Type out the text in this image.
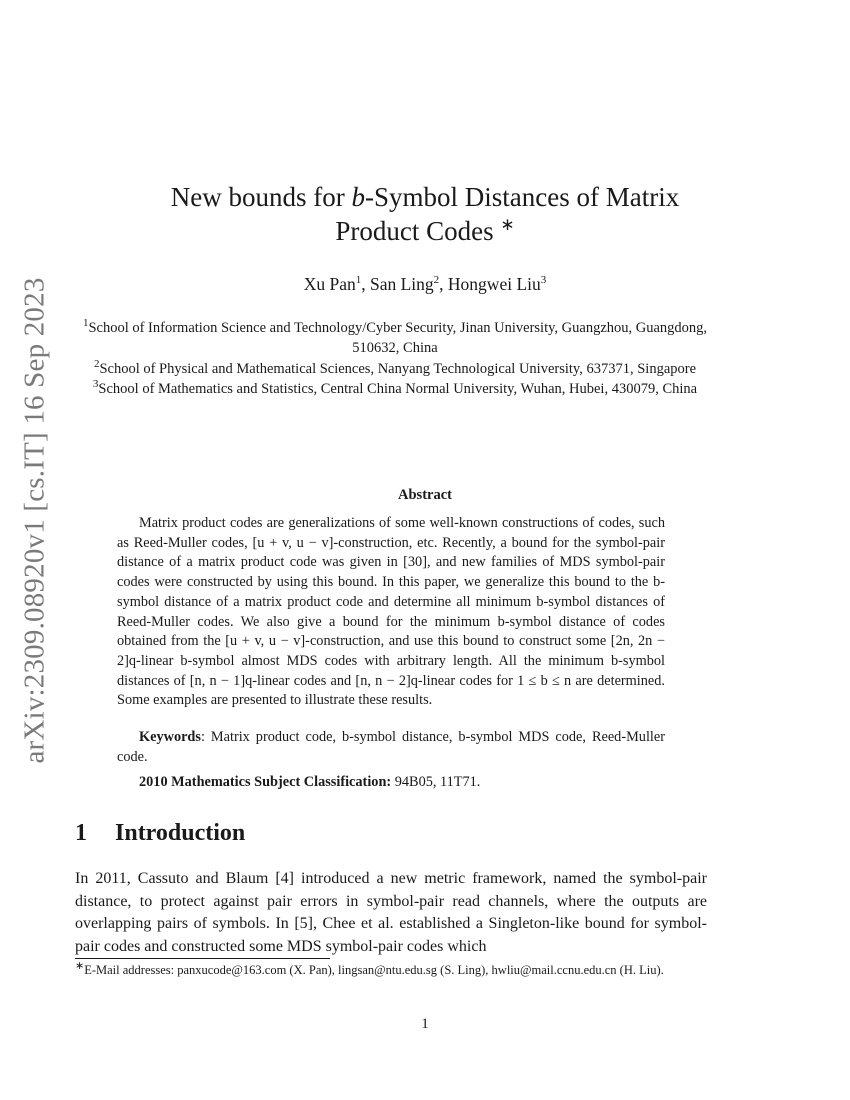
arXiv:2309.08920v1 [cs.IT] 16 Sep 2023
New bounds for b-Symbol Distances of Matrix
Product Codes ∗
Xu Pan$^1$, San Ling$^2$, Hongwei Liu$^3$

$^1$School of Information Science and Technology/Cyber Security, Jinan University, Guangzhou, Guangdong, 510632, China

$^2$School of Physical and Mathematical Sciences, Nanyang Technological University, 637371, Singapore

$^3$School of Mathematics and Statistics, Central China Normal University, Wuhan, Hubei, 430079, China

Abstract

Matrix product codes are generalizations of some well-known constructions of codes, such as Reed-Muller codes, [u + v, u − v]-construction, etc. Recently, a bound for the symbol-pair distance of a matrix product code was given in [30], and new families of MDS symbol-pair codes were constructed by using this bound. In this paper, we generalize this bound to the b-symbol distance of a matrix product code and determine all minimum b-symbol distances of Reed-Muller codes. We also give a bound for the minimum b-symbol distance of codes obtained from the [u + v, u − v]-construction, and use this bound to construct some [2n, 2n − 2]q-linear b-symbol almost MDS codes with arbitrary length. All the minimum b-symbol distances of [n, n − 1]q-linear codes and [n, n − 2]q-linear codes for 1 ≤ b ≤ n are determined. Some examples are presented to illustrate these results.

Keywords: Matrix product code, b-symbol distance, b-symbol MDS code, Reed-Muller code.

2010 Mathematics Subject Classification: 94B05, 11T71.

1 Introduction

In 2011, Cassuto and Blaum [4] introduced a new metric framework, named the symbol-pair distance, to protect against pair errors in symbol-pair read channels, where the outputs are overlapping pairs of symbols. In [5], Chee et al. established a Singleton-like bound for symbol-pair codes and constructed some MDS symbol-pair codes which

∗E-Mail addresses: panxucode@163.com (X. Pan), lingsan@ntu.edu.sg (S. Ling), hwliu@mail.ccnu.edu.cn (H. Liu).

1
